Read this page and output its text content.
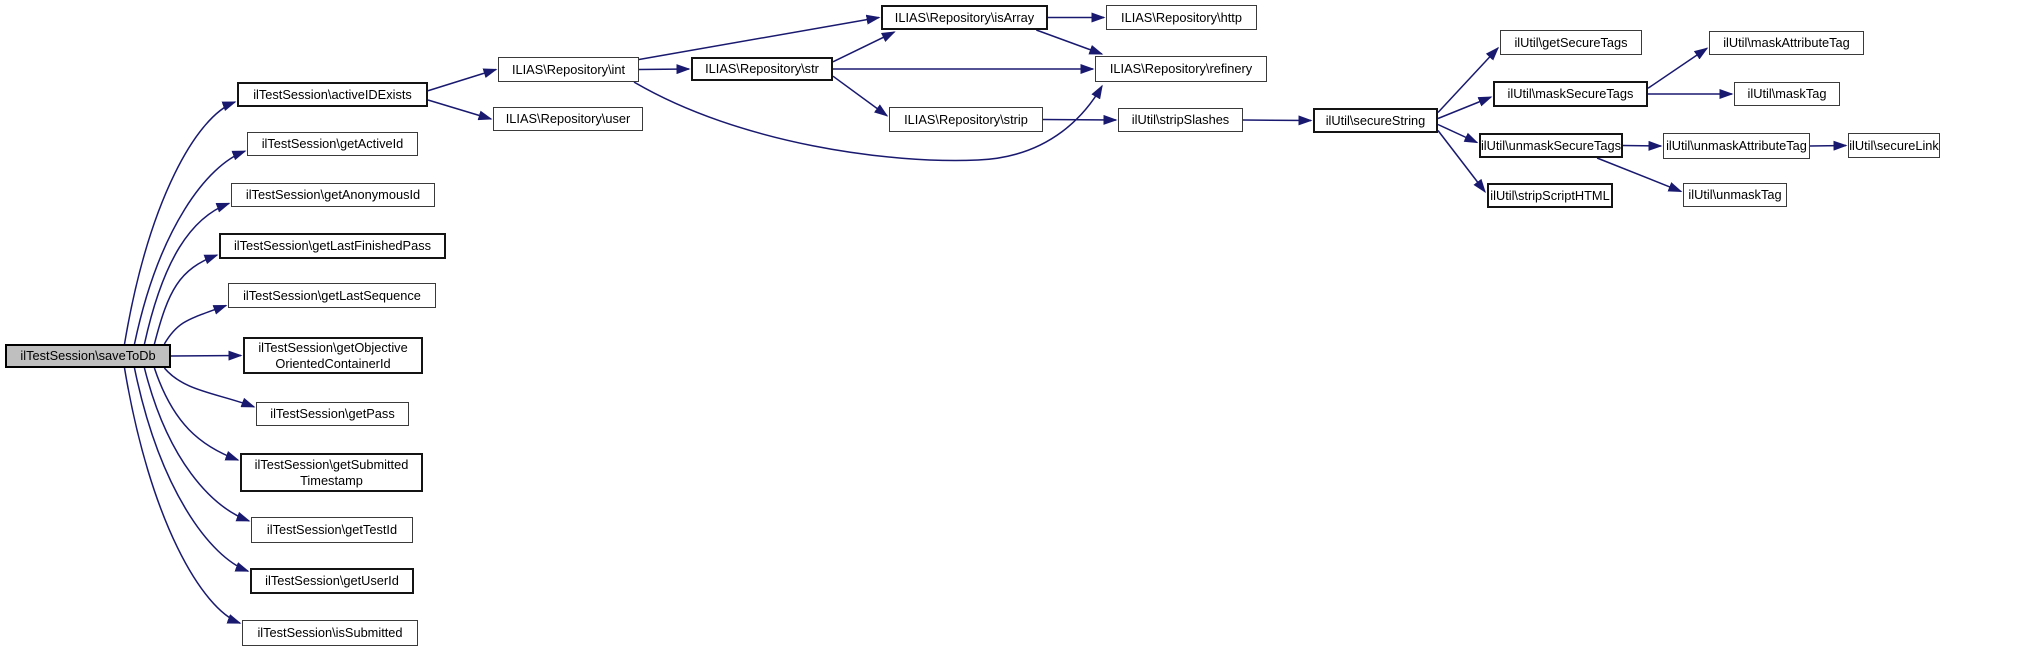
ilTestSession\saveToDb
ilTestSession\activeIDExists
ilTestSession\getActiveId
ilTestSession\getAnonymousId
ilTestSession\getLastFinishedPass
ilTestSession\getLastSequence
ilTestSession\getObjective
OrientedContainerId
ilTestSession\getPass
ilTestSession\getSubmitted
Timestamp
ilTestSession\getTestId
ilTestSession\getUserId
ilTestSession\isSubmitted
ILIAS\Repository\int
ILIAS\Repository\user
ILIAS\Repository\str
ILIAS\Repository\isArray
ILIAS\Repository\strip
ILIAS\Repository\http
ILIAS\Repository\refinery
ilUtil\stripSlashes	ilUtil\secureString
ilUtil\getSecureTags
ilUtil\maskSecureTags
ilUtil\maskAttributeTag
ilUtil\maskTag
ilUtil\unmaskSecureTags	ilUtil\unmaskAttributeTag
ilUtil\unmaskTag
ilUtil\secureLink
ilUtil\stripScriptHTML
